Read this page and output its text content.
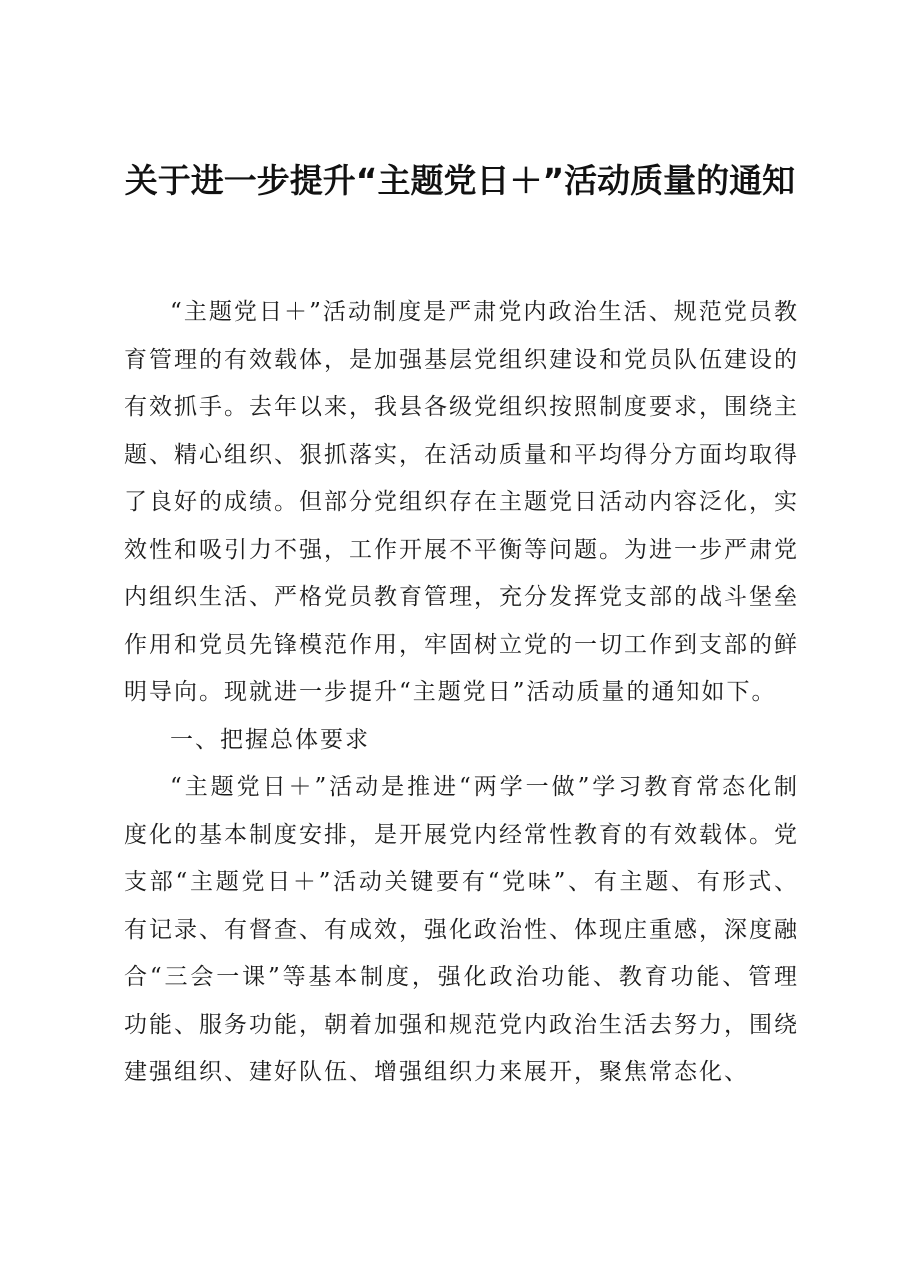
关于进一步提升“主题党日＋”活动质量的通知

“主题党日＋”活动制度是严肃党内政治生活、规范党员教育管理的有效载体，是加强基层党组织建设和党员队伍建设的有效抓手。去年以来，我县各级党组织按照制度要求，围绕主题、精心组织、狠抓落实，在活动质量和平均得分方面均取得了良好的成绩。但部分党组织存在主题党日活动内容泛化，实效性和吸引力不强，工作开展不平衡等问题。为进一步严肃党内组织生活、严格党员教育管理，充分发挥党支部的战斗堡垒作用和党员先锋模范作用，牢固树立党的一切工作到支部的鲜明导向。现就进一步提升“主题党日”活动质量的通知如下。

一、把握总体要求

“主题党日＋”活动是推进“两学一做”学习教育常态化制度化的基本制度安排，是开展党内经常性教育的有效载体。党支部“主题党日＋”活动关键要有“党味”、有主题、有形式、有记录、有督查、有成效，强化政治性、体现庄重感，深度融合“三会一课”等基本制度，强化政治功能、教育功能、管理功能、服务功能，朝着加强和规范党内政治生活去努力，围绕建强组织、建好队伍、增强组织力来展开，聚焦常态化、
